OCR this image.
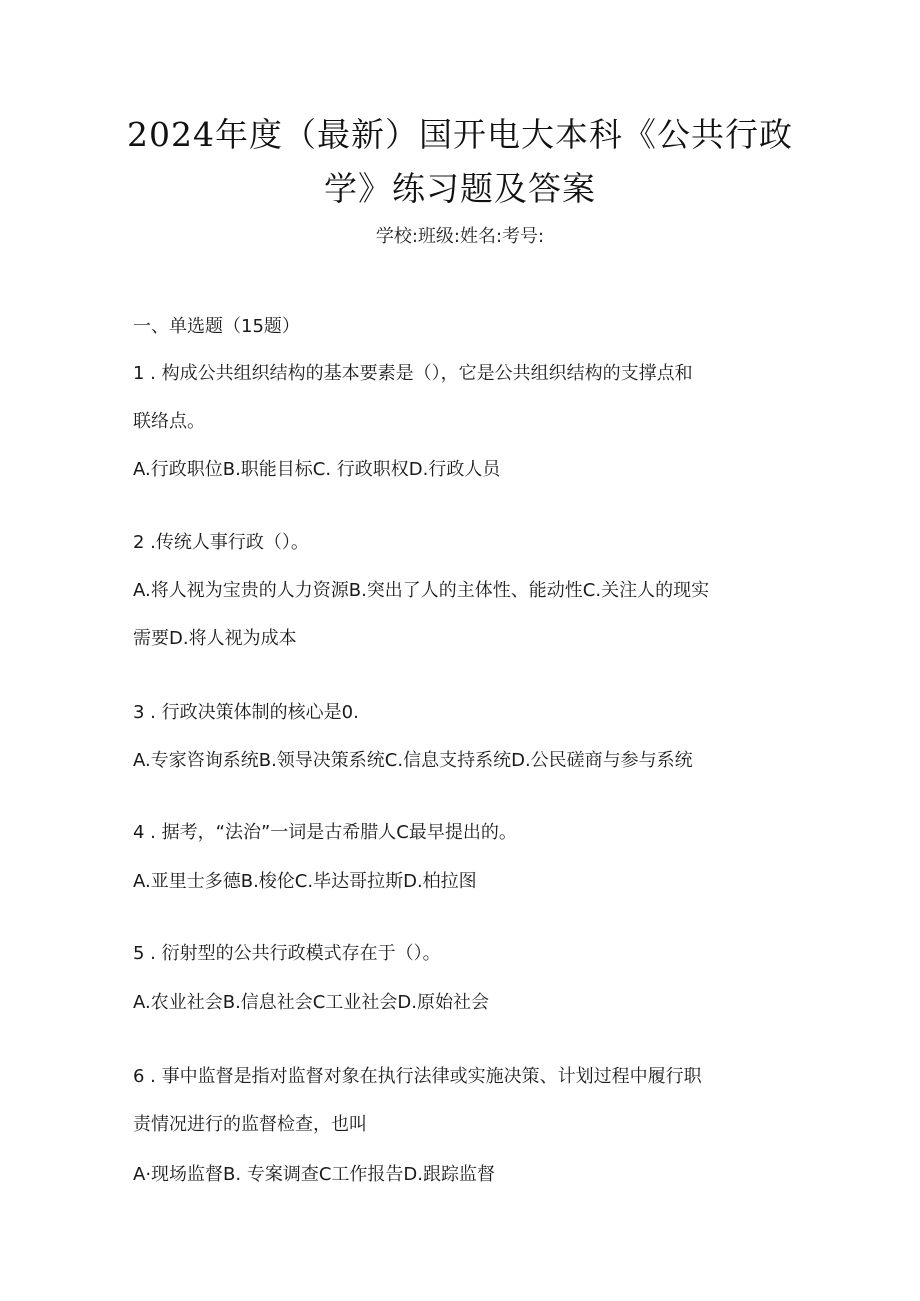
2024年度（最新）国开电大本科《公共行政
学》练习题及答案
学校:班级:姓名:考号:
一、单选题（15题）
1 . 构成公共组织结构的基本要素是（），它是公共组织结构的支撑点和
联络点。
A.行政职位B.职能目标C. 行政职权D.行政人员
2 .传统人事行政（）。
A.将人视为宝贵的人力资源B.突出了人的主体性、能动性C.关注人的现实
需要D.将人视为成本
3 . 行政决策体制的核心是0.
A.专家咨询系统B.领导决策系统C.信息支持系统D.公民磋商与参与系统
4 . 据考，“法治”一词是古希腊人C最早提出的。
A.亚里士多德B.梭伦C.毕达哥拉斯D.柏拉图
5 . 衍射型的公共行政模式存在于（）。
A.农业社会B.信息社会C工业社会D.原始社会
6 . 事中监督是指对监督对象在执行法律或实施决策、计划过程中履行职
责情况进行的监督检查，也叫
A·现场监督B. 专案调查C工作报告D.跟踪监督
